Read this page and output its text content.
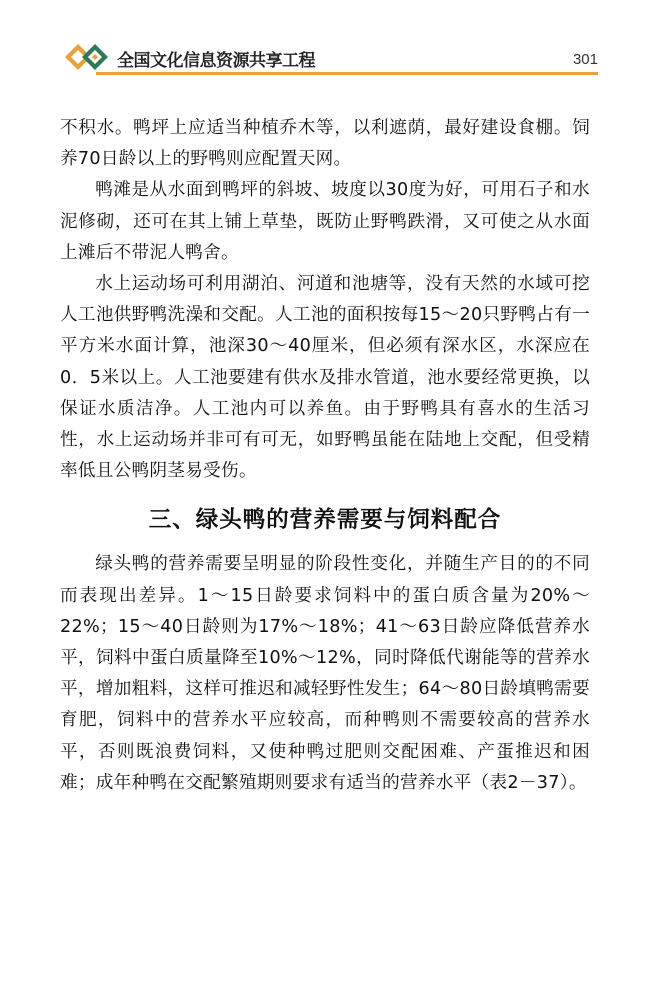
全国文化信息资源共享工程	301

不积水。鸭坪上应适当种植乔木等，以利遮荫，最好建设食棚。饲养70日龄以上的野鸭则应配置天网。

鸭滩是从水面到鸭坪的斜坡、坡度以30度为好，可用石子和水泥修砌，还可在其上铺上草垫，既防止野鸭跌滑，又可使之从水面上滩后不带泥人鸭舍。

水上运动场可利用湖泊、河道和池塘等，没有天然的水域可挖人工池供野鸭洗澡和交配。人工池的面积按每15～20只野鸭占有一平方米水面计算，池深30～40厘米，但必须有深水区，水深应在0．5米以上。人工池要建有供水及排水管道，池水要经常更换，以保证水质洁净。人工池内可以养鱼。由于野鸭具有喜水的生活习性，水上运动场并非可有可无，如野鸭虽能在陆地上交配，但受精率低且公鸭阴茎易受伤。

三、绿头鸭的营养需要与饲料配合

绿头鸭的营养需要呈明显的阶段性变化，并随生产目的的不同而表现出差异。1～15日龄要求饲料中的蛋白质含量为20%～22%；15～40日龄则为17%～18%；41～63日龄应降低营养水平，饲料中蛋白质量降至10%～12%，同时降低代谢能等的营养水平，增加粗料，这样可推迟和减轻野性发生；64～80日龄填鸭需要育肥，饲料中的营养水平应较高，而种鸭则不需要较高的营养水平，否则既浪费饲料，又使种鸭过肥则交配困难、产蛋推迟和困难；成年种鸭在交配繁殖期则要求有适当的营养水平（表2－37）。
